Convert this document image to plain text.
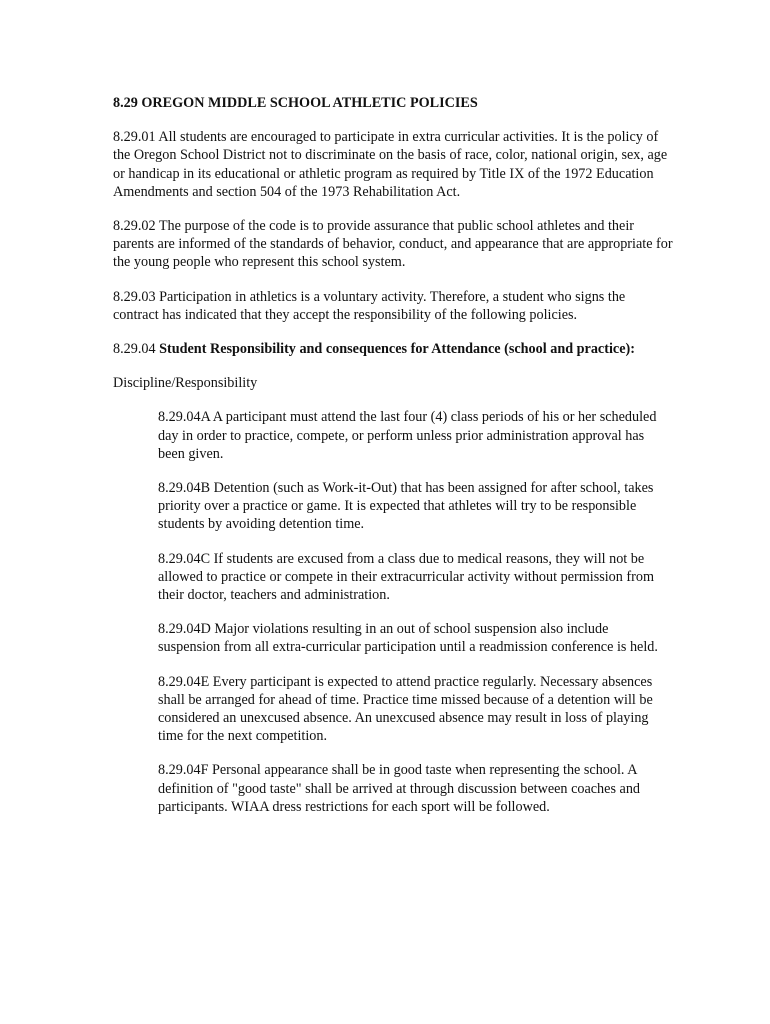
8.29 OREGON MIDDLE SCHOOL ATHLETIC POLICIES
8.29.01 All students are encouraged to participate in extra curricular activities. It is the policy of the Oregon School District not to discriminate on the basis of race, color, national origin, sex, age or handicap in its educational or athletic program as required by Title IX of the 1972 Education Amendments and section 504 of the 1973 Rehabilitation Act.
8.29.02 The purpose of the code is to provide assurance that public school athletes and their parents are informed of the standards of behavior, conduct, and appearance that are appropriate for the young people who represent this school system.
8.29.03 Participation in athletics is a voluntary activity. Therefore, a student who signs the contract has indicated that they accept the responsibility of the following policies.
8.29.04 Student Responsibility and consequences for Attendance (school and practice):
Discipline/Responsibility
8.29.04A A participant must attend the last four (4) class periods of his or her scheduled day in order to practice, compete, or perform unless prior administration approval has been given.
8.29.04B Detention (such as Work-it-Out) that has been assigned for after school, takes priority over a practice or game. It is expected that athletes will try to be responsible students by avoiding detention time.
8.29.04C If students are excused from a class due to medical reasons, they will not be allowed to practice or compete in their extracurricular activity without permission from their doctor, teachers and administration.
8.29.04D Major violations resulting in an out of school suspension also include suspension from all extra-curricular participation until a readmission conference is held.
8.29.04E Every participant is expected to attend practice regularly. Necessary absences shall be arranged for ahead of time. Practice time missed because of a detention will be considered an unexcused absence. An unexcused absence may result in loss of playing time for the next competition.
8.29.04F Personal appearance shall be in good taste when representing the school. A definition of "good taste" shall be arrived at through discussion between coaches and participants. WIAA dress restrictions for each sport will be followed.
